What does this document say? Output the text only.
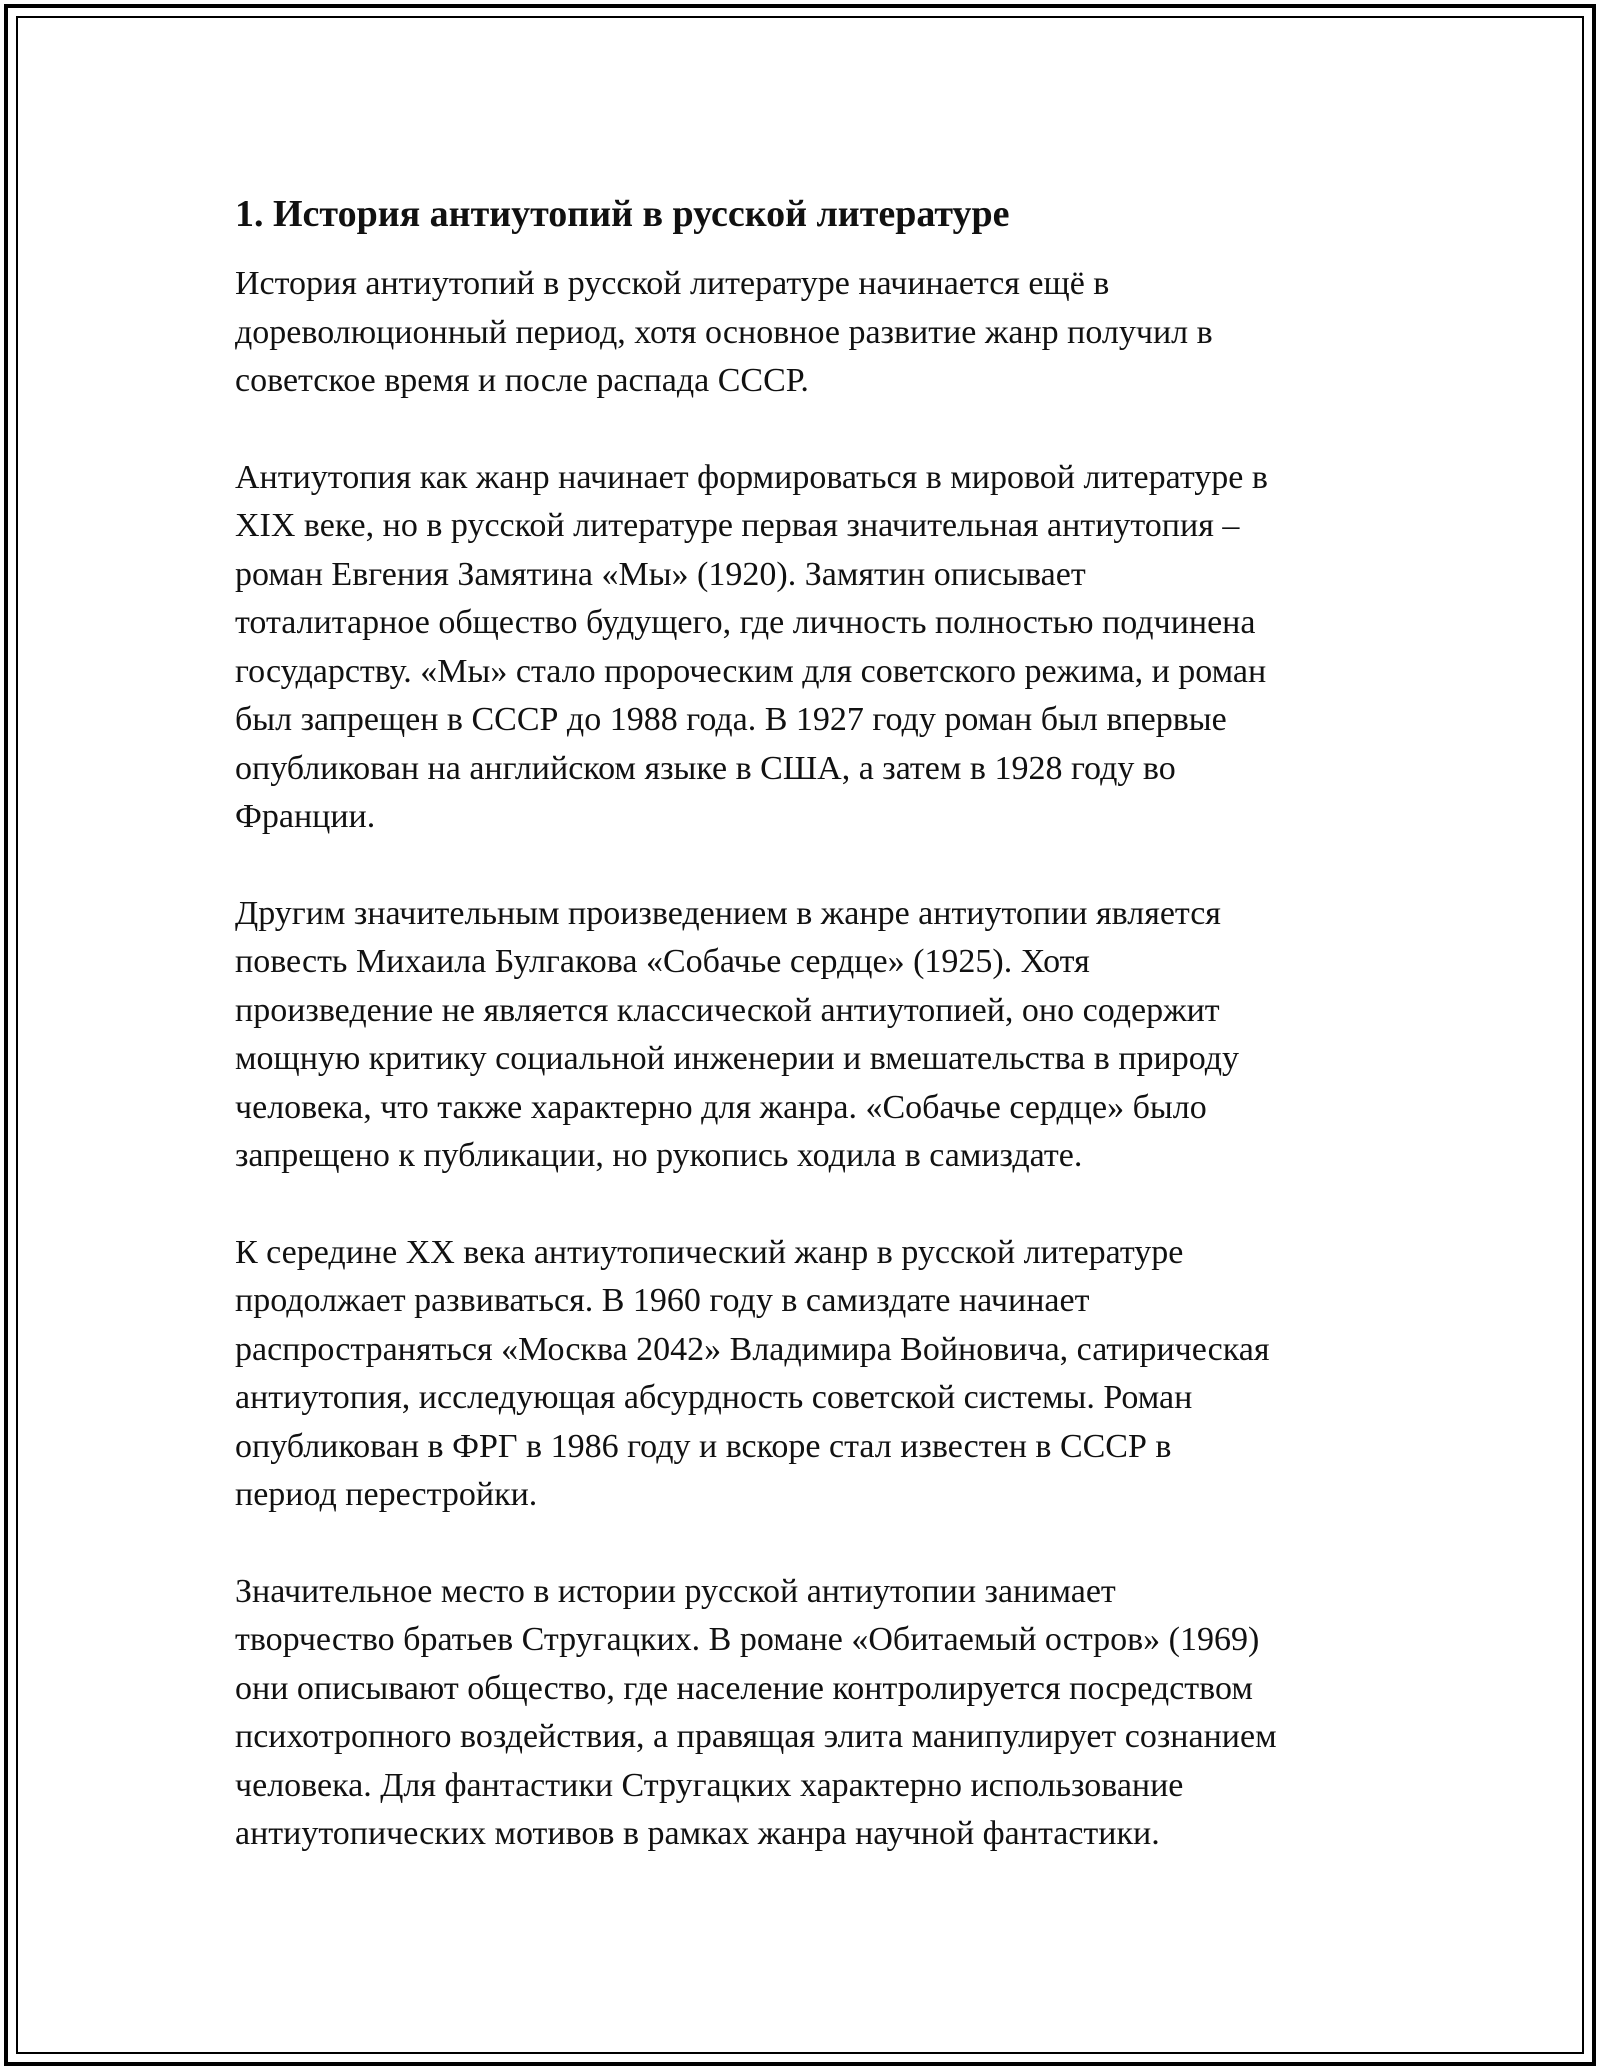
1. История антиутопий в русской литературе
История антиутопий в русской литературе начинается ещё в
дореволюционный период, хотя основное развитие жанр получил в
советское время и после распада СССР.
Антиутопия как жанр начинает формироваться в мировой литературе в
XIX веке, но в русской литературе первая значительная антиутопия –
роман Евгения Замятина «Мы» (1920). Замятин описывает
тоталитарное общество будущего, где личность полностью подчинена
государству. «Мы» стало пророческим для советского режима, и роман
был запрещен в СССР до 1988 года. В 1927 году роман был впервые
опубликован на английском языке в США, а затем в 1928 году во
Франции.
Другим значительным произведением в жанре антиутопии является
повесть Михаила Булгакова «Собачье сердце» (1925). Хотя
произведение не является классической антиутопией, оно содержит
мощную критику социальной инженерии и вмешательства в природу
человека, что также характерно для жанра. «Собачье сердце» было
запрещено к публикации, но рукопись ходила в самиздате.
К середине XX века антиутопический жанр в русской литературе
продолжает развиваться. В 1960 году в самиздате начинает
распространяться «Москва 2042» Владимира Войновича, сатирическая
антиутопия, исследующая абсурдность советской системы. Роман
опубликован в ФРГ в 1986 году и вскоре стал известен в СССР в
период перестройки.
Значительное место в истории русской антиутопии занимает
творчество братьев Стругацких. В романе «Обитаемый остров» (1969)
они описывают общество, где население контролируется посредством
психотропного воздействия, а правящая элита манипулирует сознанием
человека. Для фантастики Стругацких характерно использование
антиутопических мотивов в рамках жанра научной фантастики.
